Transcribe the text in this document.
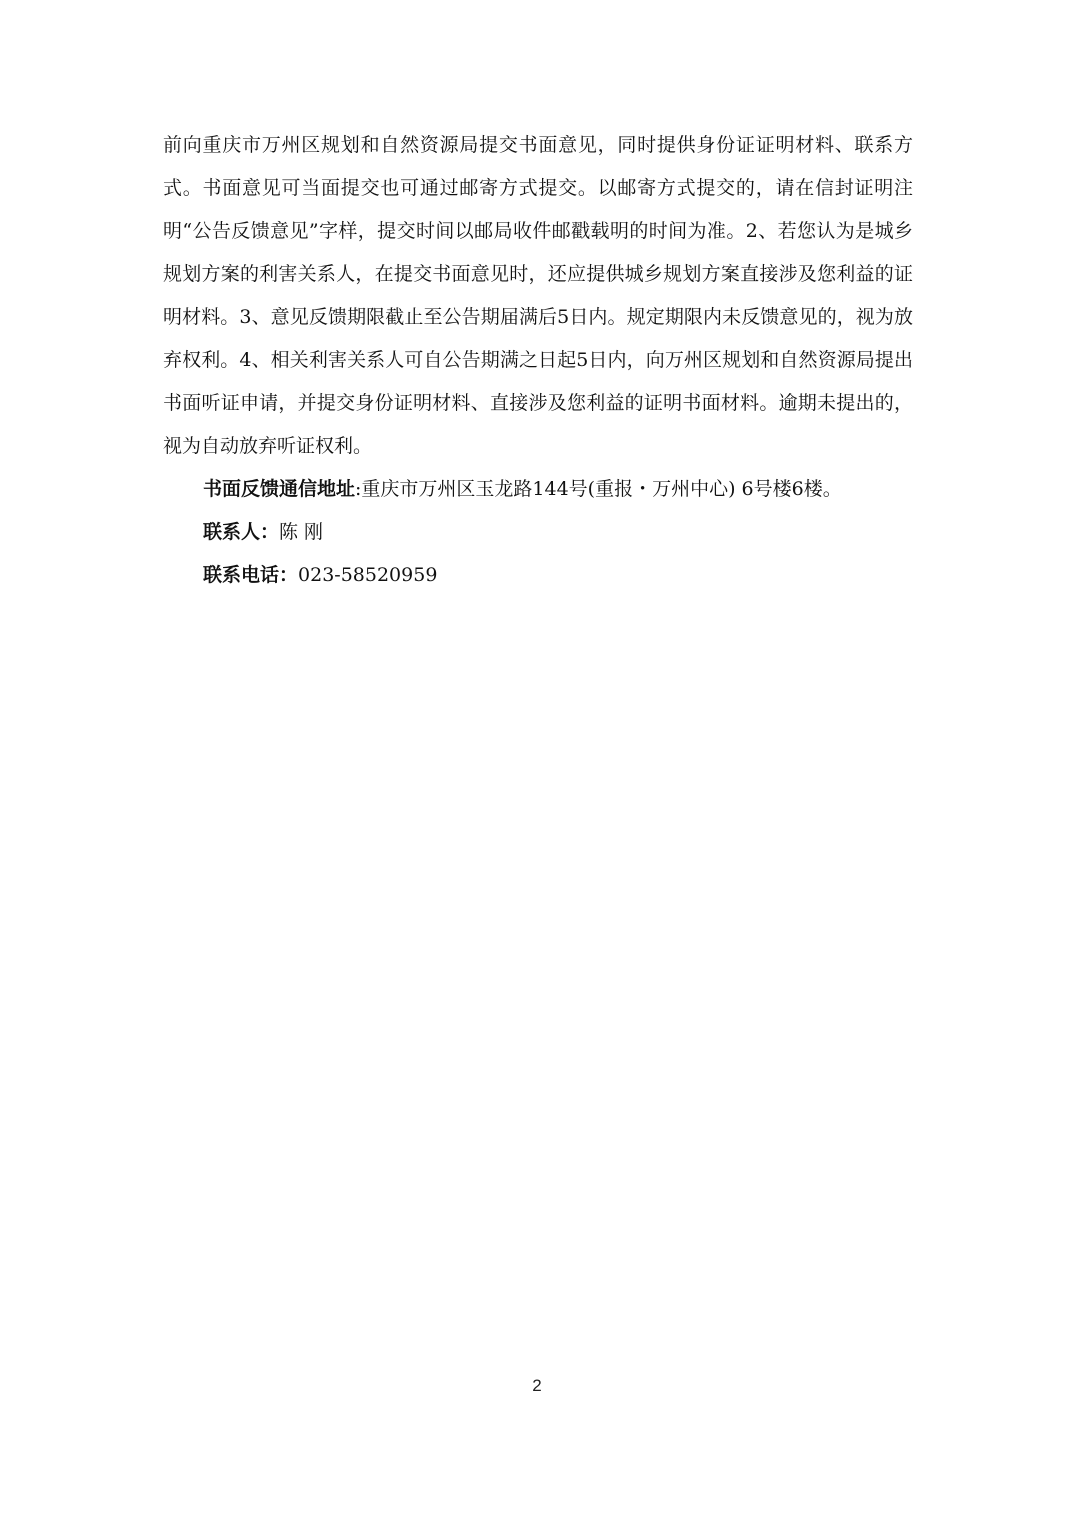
前向重庆市万州区规划和自然资源局提交书面意见，同时提供身份证证明材料、联系方式。书面意见可当面提交也可通过邮寄方式提交。以邮寄方式提交的，请在信封证明注明“公告反馈意见”字样，提交时间以邮局收件邮戳载明的时间为准。2、若您认为是城乡规划方案的利害关系人，在提交书面意见时，还应提供城乡规划方案直接涉及您利益的证明材料。3、意见反馈期限截止至公告期届满后5日内。规定期限内未反馈意见的，视为放弃权利。4、相关利害关系人可自公告期满之日起5日内，向万州区规划和自然资源局提出书面听证申请，并提交身份证明材料、直接涉及您利益的证明书面材料。逾期未提出的，视为自动放弃听证权利。

书面反馈通信地址:重庆市万州区玉龙路144号(重报・万州中心) 6号楼6楼。

联系人：陈 刚

联系电话：023-58520959

2
